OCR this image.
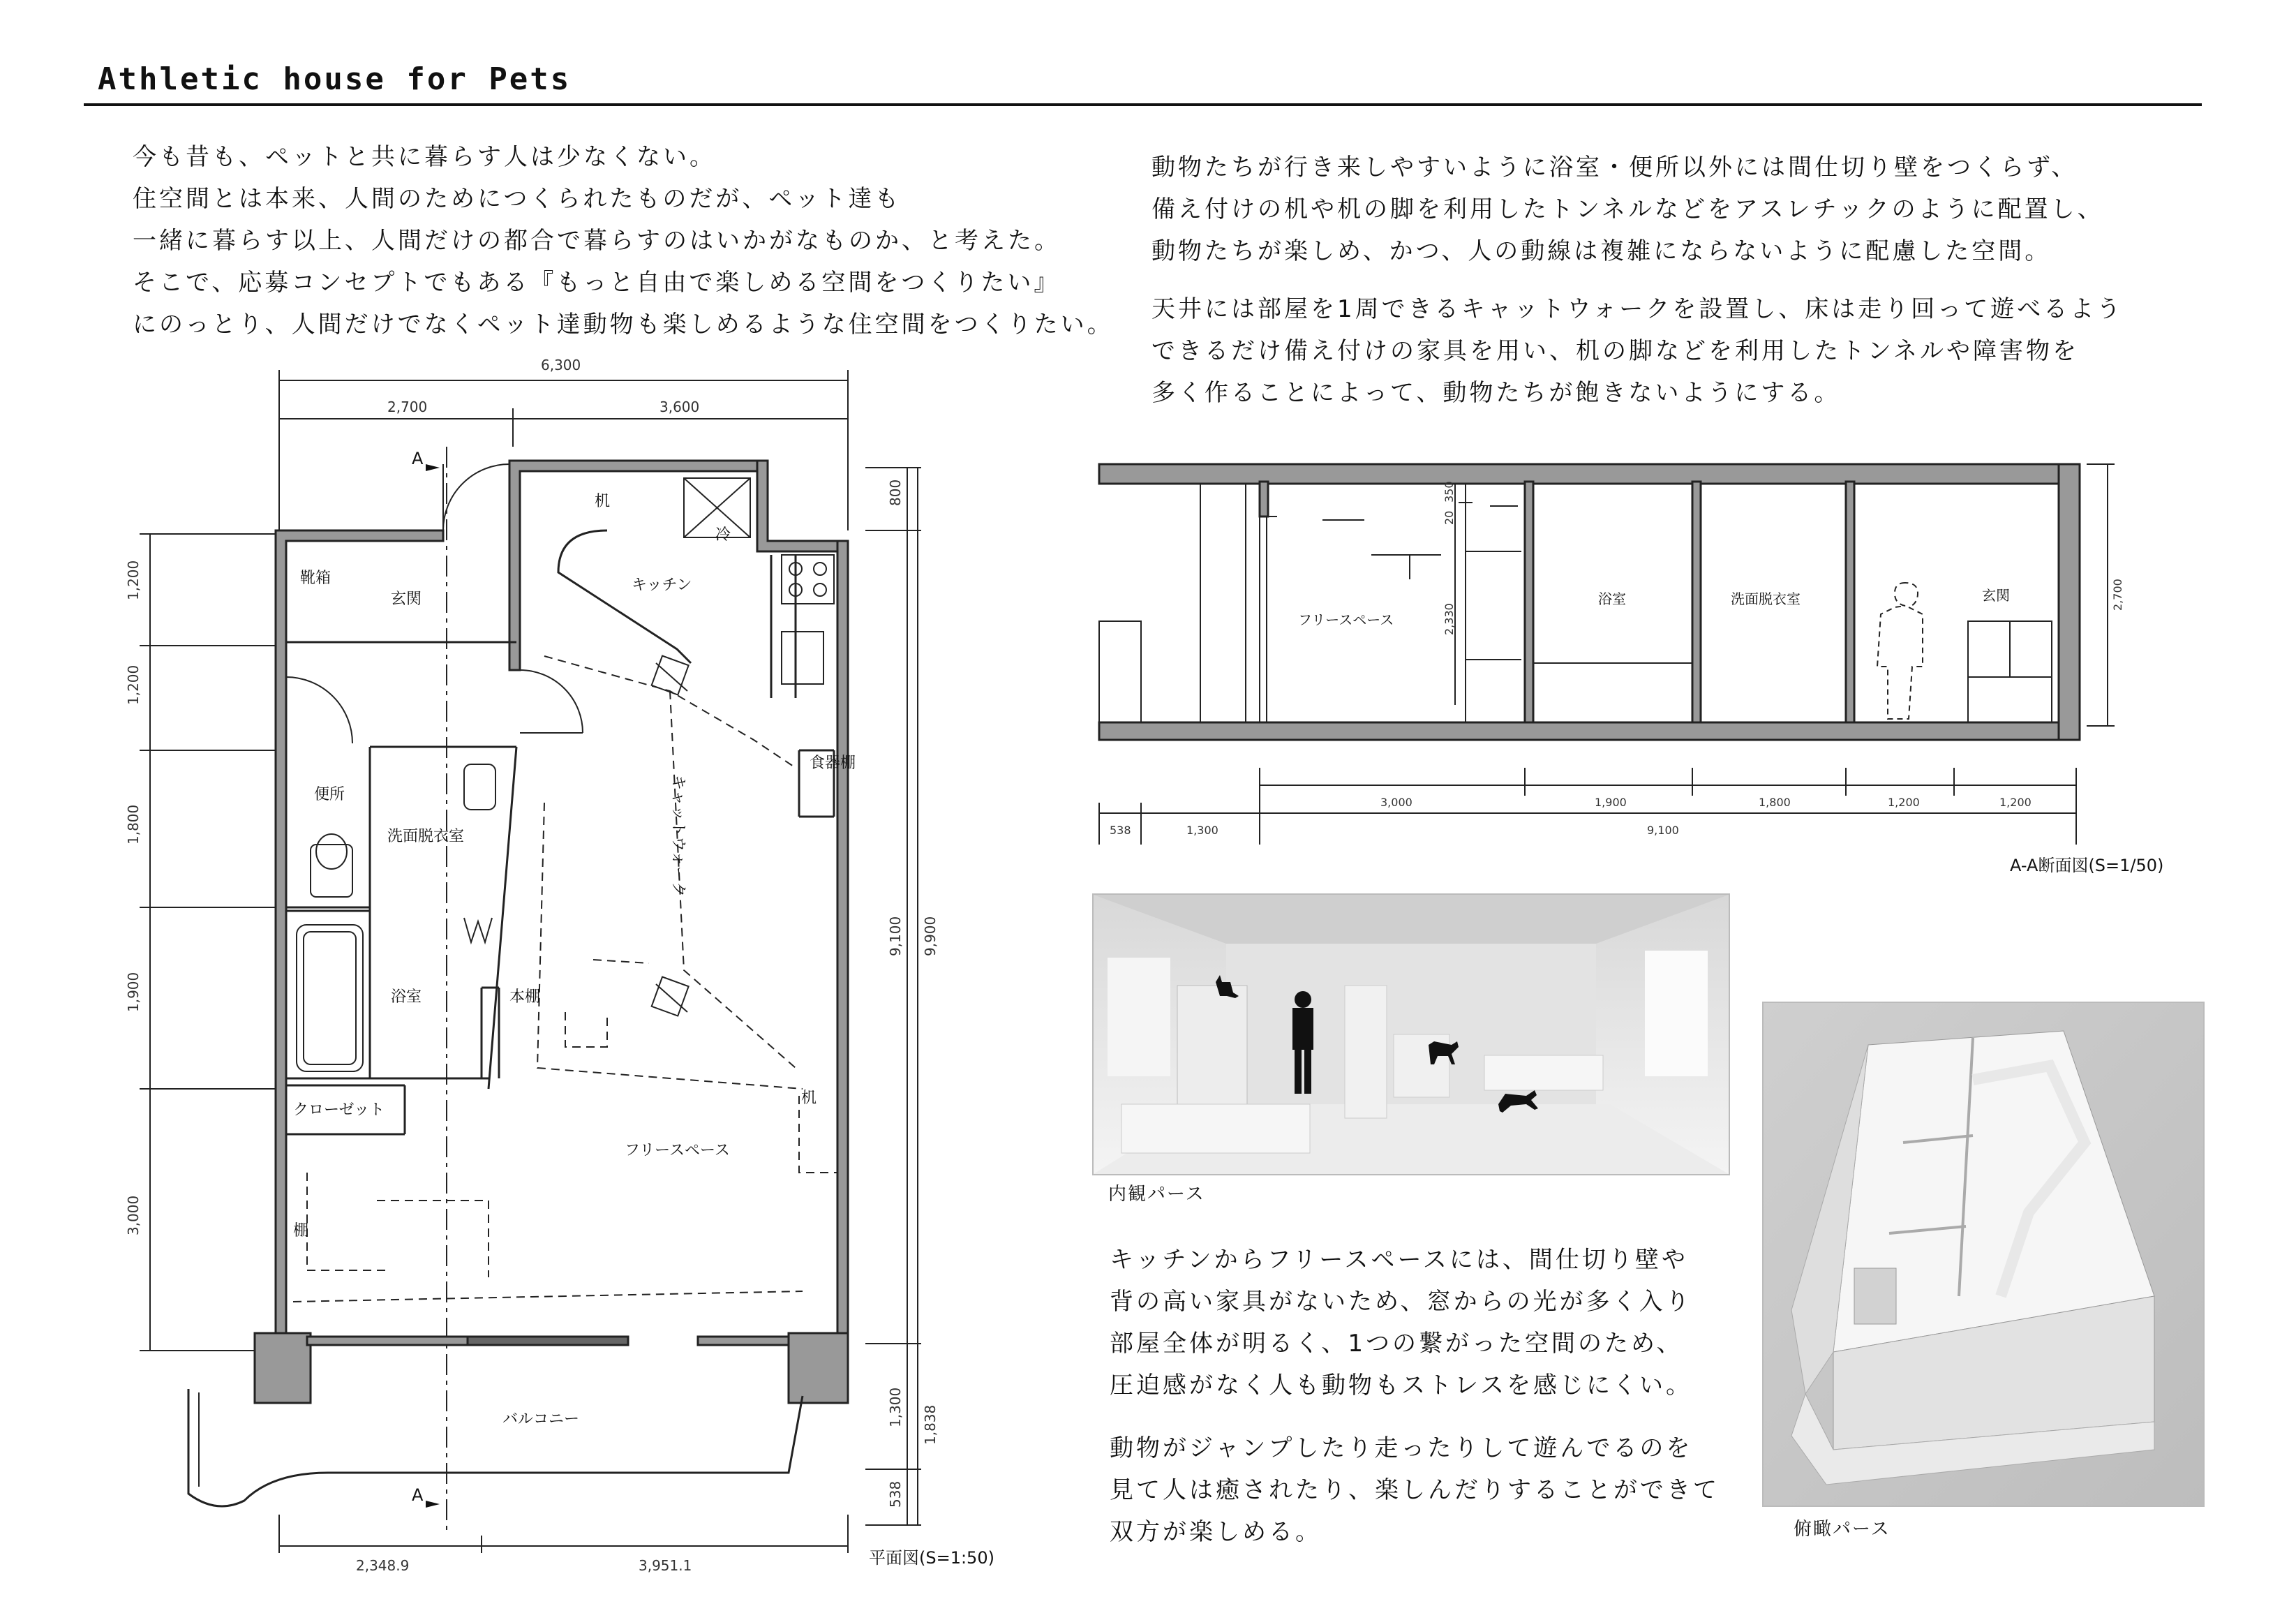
Athletic house for Pets
今も昔も、ペットと共に暮らす人は少なくない。
住空間とは本来、人間のためにつくられたものだが、ペット達も
一緒に暮らす以上、人間だけの都合で暮らすのはいかがなものか、と考えた。
そこで、応募コンセプトでもある『もっと自由で楽しめる空間をつくりたい』
にのっとり、人間だけでなくペット達動物も楽しめるような住空間をつくりたい。
動物たちが行き来しやすいように浴室・便所以外には間仕切り壁をつくらず、
備え付けの机や机の脚を利用したトンネルなどをアスレチックのように配置し、
動物たちが楽しめ、かつ、人の動線は複雑にならないように配慮した空間。
天井には部屋を1周できるキャットウォークを設置し、床は走り回って遊べるよう
できるだけ備え付けの家具を用い、机の脚などを利用したトンネルや障害物を
多く作ることによって、動物たちが飽きないようにする。
キッチンからフリースペースには、間仕切り壁や
背の高い家具がないため、窓からの光が多く入り
部屋全体が明るく、1つの繋がった空間のため、
圧迫感がなく人も動物もストレスを感じにくい。
動物がジャンプしたり走ったりして遊んでるのを
見て人は癒されたり、楽しんだりすることができて
双方が楽しめる。
6,300
2,700	3,600
2,348.9	3,951.1
1,200
1,200
1,800
1,900
3,000
800
9,100
1,300
538
9,900
1,838
A
A
机
冷
靴箱
玄関
キッチン
便所
洗面脱衣室
浴室	本棚
食器棚
キャットウォーク
クローゼット
机
フリースペース
棚
バルコニー
平面図(S=1:50)
フリースペース
浴室	洗面脱衣室	玄関
20
350
2,330
2,700
3,000	1,900	1,800	1,200	1,200
538	1,300	9,100
A-A断面図(S=1/50)
内観パース
俯瞰パース
